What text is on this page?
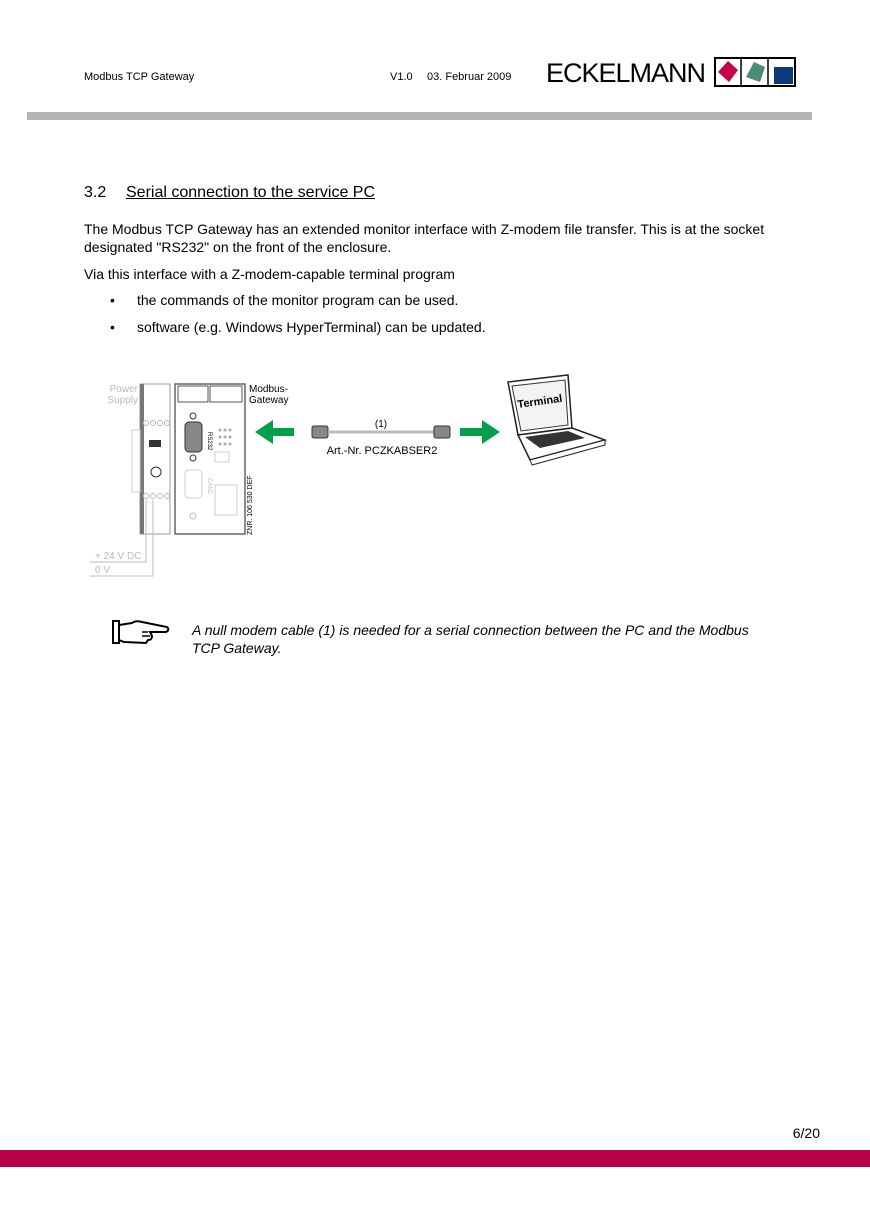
Modbus TCP Gateway	V1.0 03. Februar 2009 ECKELMANN
3.2 Serial connection to the service PC
The Modbus TCP Gateway has an extended monitor interface with Z-modem file transfer. This is at the socket designated "RS232" on the front of the enclosure.
Via this interface with a Z-modem-capable terminal program
• the commands of the monitor program can be used.
• software (e.g. Windows HyperTerminal) can be updated.
RS232
CAN2	ZNR. 106 530 DEF
Power
Supply
Modbus-
Gateway
+ 24 V DC
0 V
(1)
Art.-Nr. PCZKABSER2
Terminal
A null modem cable (1) is needed for a serial connection between the PC and the Modbus TCP Gateway.
6/20
